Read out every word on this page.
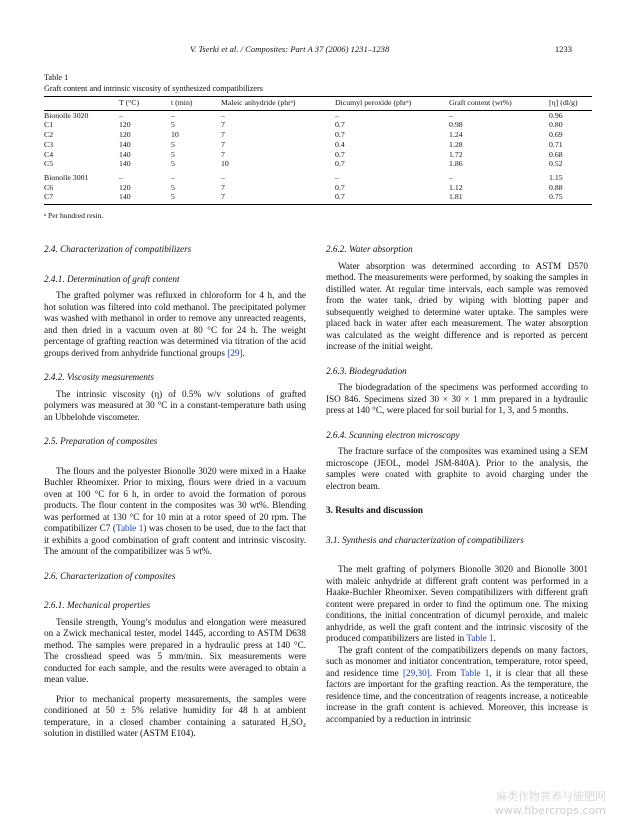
V. Tserki et al. / Composites: Part A 37 (2006) 1231–1238	1233
Table 1
Graft content and intrinsic viscosity of synthesized compatibilizers
	T (°C)	t (min)	Maleic anhydride (phrᵃ)	Dicumyl peroxide (phrᵃ)	Graft content (wt%)	[η] (dl/g)
Bionolle 3020	–	–	–	–	–	0.96
C1	120	5	7	0.7	0.98	0.80
C2	120	10	7	0.7	1.24	0.69
C3	140	5	7	0.4	1.28	0.71
C4	140	5	7	0.7	1.72	0.68
C5	140	5	10	0.7	1.86	0.52

Bionolle 3001	–	–	–	–	–	1.15
C6	120	5	7	0.7	1.12	0.88
C7	140	5	7	0.7	1.81	0.75
ᵃ Per hundred resin.
2.4. Characterization of compatibilizers
2.4.1. Determination of graft content

The grafted polymer was refluxed in chloroform for 4 h, and the hot solution was filtered into cold methanol. The precipitated polymer was washed with methanol in order to remove any unreacted reagents, and then dried in a vacuum oven at 80 °C for 24 h. The weight percentage of grafting reaction was determined via titration of the acid groups derived from anhydride functional groups [29].

2.4.2. Viscosity measurements

The intrinsic viscosity (η) of 0.5% w/v solutions of grafted polymers was measured at 30 °C in a constant-temperature bath using an Ubbelohde viscometer.

2.5. Preparation of composites

The flours and the polyester Bionolle 3020 were mixed in a Haake Buchler Rheomixer. Prior to mixing, flours were dried in a vacuum oven at 100 °C for 6 h, in order to avoid the formation of porous products. The flour content in the composites was 30 wt%. Blending was performed at 130 °C for 10 min at a rotor speed of 20 rpm. The compatibilizer C7 (Table 1) was chosen to be used, due to the fact that it exhibits a good combination of graft content and intrinsic viscosity. The amount of the compatibilizer was 5 wt%.

2.6. Characterization of composites
2.6.1. Mechanical properties

Tensile strength, Young’s modulus and elongation were measured on a Zwick mechanical tester, model 1445, according to ASTM D638 method. The samples were prepared in a hydraulic press at 140 °C. The crosshead speed was 5 mm/min. Six measurements were conducted for each sample, and the results were averaged to obtain a mean value.

Prior to mechanical property measurements, the samples were conditioned at 50 ± 5% relative humidity for 48 h at ambient temperature, in a closed chamber containing a saturated H₂SO₄ solution in distilled water (ASTM E104).

2.6.2. Water absorption

Water absorption was determined according to ASTM D570 method. The measurements were performed, by soaking the samples in distilled water. At regular time intervals, each sample was removed from the water tank, dried by wiping with blotting paper and subsequently weighed to determine water uptake. The samples were placed back in water after each measurement. The water absorption was calculated as the weight difference and is reported as percent increase of the initial weight.

2.6.3. Biodegradation

The biodegradation of the specimens was performed according to ISO 846. Specimens sized 30 × 30 × 1 mm prepared in a hydraulic press at 140 °C, were placed for soil burial for 1, 3, and 5 months.

2.6.4. Scanning electron microscopy

The fracture surface of the composites was examined using a SEM microscope (JEOL, model JSM-840A). Prior to the analysis, the samples were coated with graphite to avoid charging under the electron beam.

3. Results and discussion
3.1. Synthesis and characterization of compatibilizers

The melt grafting of polymers Bionolle 3020 and Bionolle 3001 with maleic anhydride at different graft content was performed in a Haake-Buchler Rheomixer. Seven compatibilizers with different graft content were prepared in order to find the optimum one. The mixing conditions, the initial concentration of dicumyl peroxide, and maleic anhydride, as well the graft content and the intrinsic viscosity of the produced compatibilizers are listed in Table 1.

The graft content of the compatibilizers depends on many factors, such as monomer and initiator concentration, temperature, rotor speed, and residence time [29,30]. From Table 1, it is clear that all these factors are important for the grafting reaction. As the temperature, the residence time, and the concentration of reagents increase, a noticeable increase in the graft content is achieved. Moreover, this increase is accompanied by a reduction in intrinsic

麻类作物营养与施肥网
www.fibercrops.com
